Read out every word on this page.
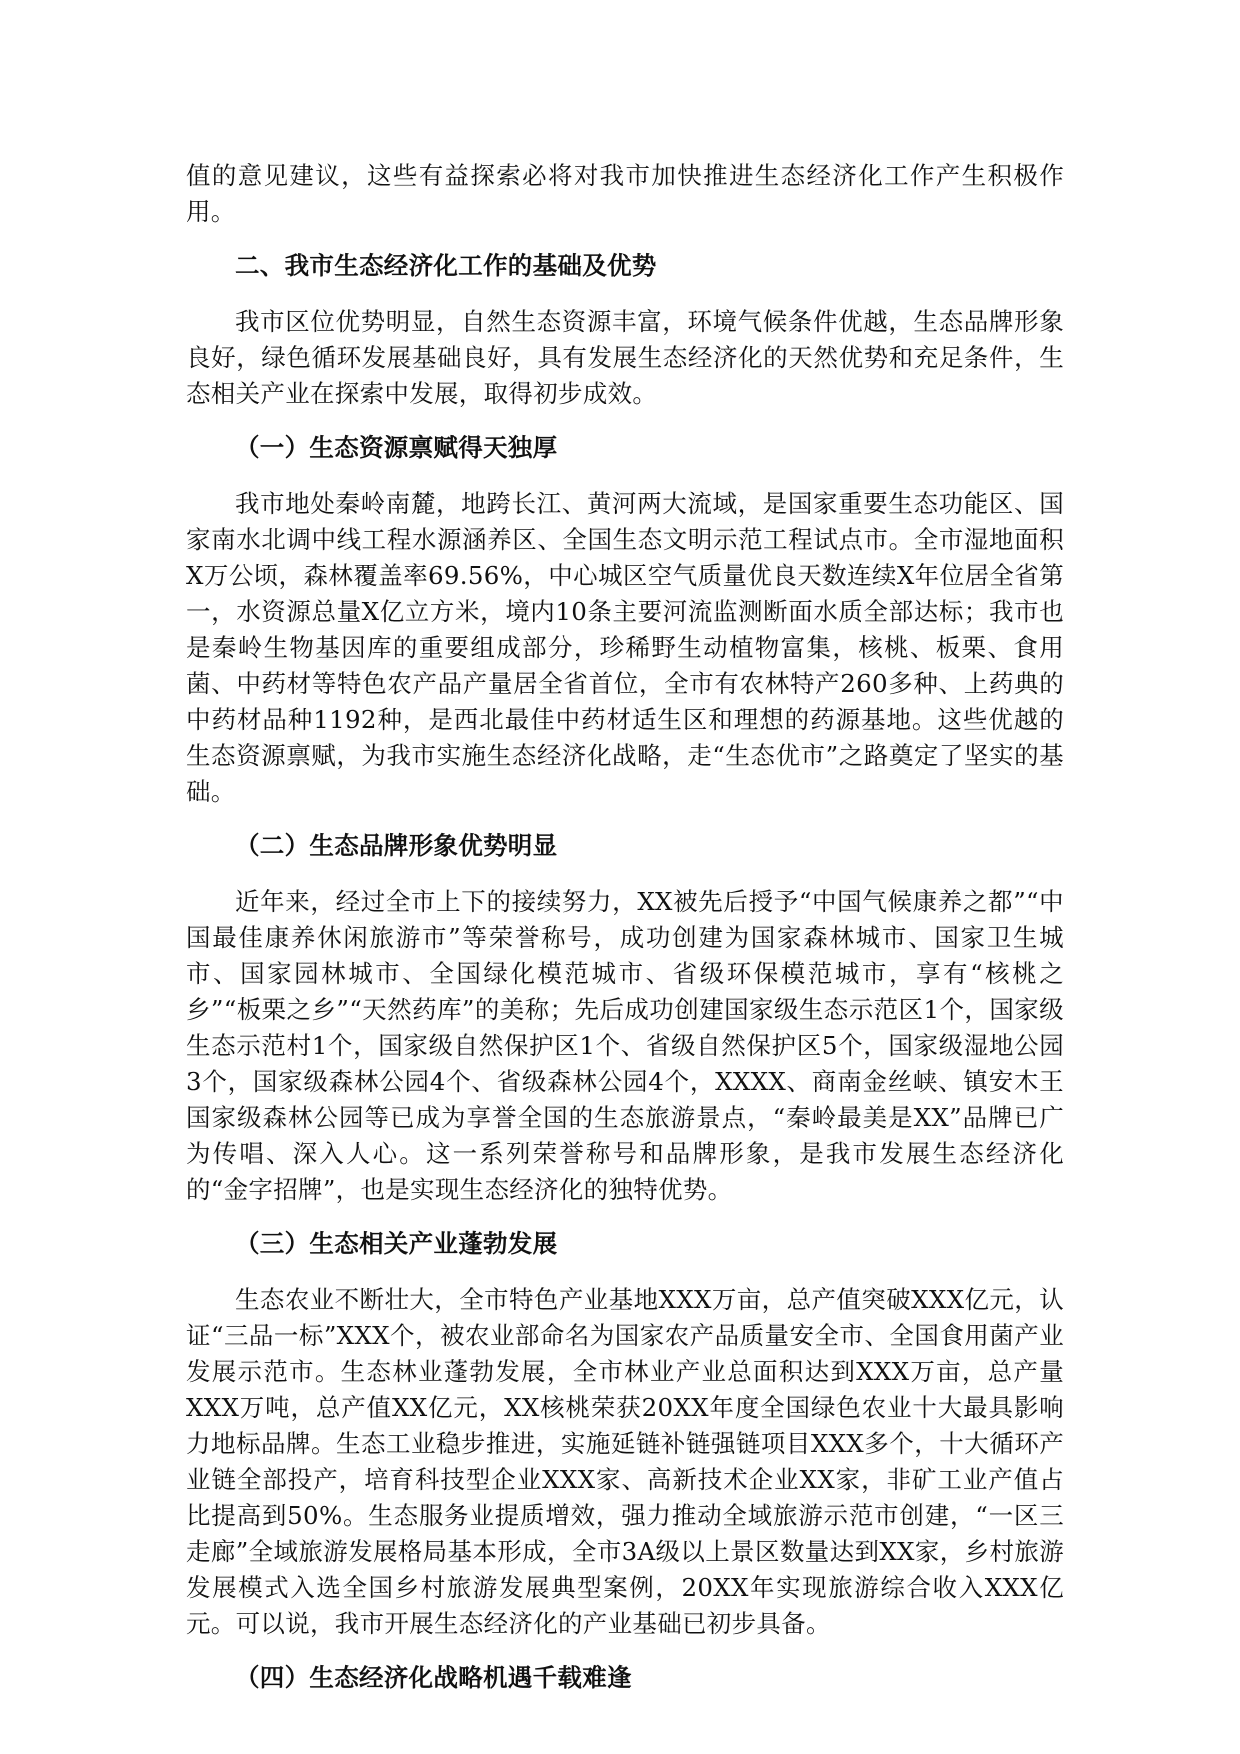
值的意见建议，这些有益探索必将对我市加快推进生态经济化工作产生积极作用。

二、我市生态经济化工作的基础及优势

我市区位优势明显，自然生态资源丰富，环境气候条件优越，生态品牌形象良好，绿色循环发展基础良好，具有发展生态经济化的天然优势和充足条件，生态相关产业在探索中发展，取得初步成效。

（一）生态资源禀赋得天独厚

我市地处秦岭南麓，地跨长江、黄河两大流域，是国家重要生态功能区、国家南水北调中线工程水源涵养区、全国生态文明示范工程试点市。全市湿地面积X万公顷，森林覆盖率69.56%，中心城区空气质量优良天数连续X年位居全省第一，水资源总量X亿立方米，境内10条主要河流监测断面水质全部达标；我市也是秦岭生物基因库的重要组成部分，珍稀野生动植物富集，核桃、板栗、食用菌、中药材等特色农产品产量居全省首位，全市有农林特产260多种、上药典的中药材品种1192种，是西北最佳中药材适生区和理想的药源基地。这些优越的生态资源禀赋，为我市实施生态经济化战略，走“生态优市”之路奠定了坚实的基础。

（二）生态品牌形象优势明显

近年来，经过全市上下的接续努力，XX被先后授予“中国气候康养之都”“中国最佳康养休闲旅游市”等荣誉称号，成功创建为国家森林城市、国家卫生城市、国家园林城市、全国绿化模范城市、省级环保模范城市，享有“核桃之乡”“板栗之乡”“天然药库”的美称；先后成功创建国家级生态示范区1个，国家级生态示范村1个，国家级自然保护区1个、省级自然保护区5个，国家级湿地公园3个，国家级森林公园4个、省级森林公园4个，XXXX、商南金丝峡、镇安木王国家级森林公园等已成为享誉全国的生态旅游景点，“秦岭最美是XX”品牌已广为传唱、深入人心。这一系列荣誉称号和品牌形象，是我市发展生态经济化的“金字招牌”，也是实现生态经济化的独特优势。

（三）生态相关产业蓬勃发展

生态农业不断壮大，全市特色产业基地XXX万亩，总产值突破XXX亿元，认证“三品一标”XXX个，被农业部命名为国家农产品质量安全市、全国食用菌产业发展示范市。生态林业蓬勃发展，全市林业产业总面积达到XXX万亩，总产量XXX万吨，总产值XX亿元，XX核桃荣获20XX年度全国绿色农业十大最具影响力地标品牌。生态工业稳步推进，实施延链补链强链项目XXX多个，十大循环产业链全部投产，培育科技型企业XXX家、高新技术企业XX家，非矿工业产值占比提高到50%。生态服务业提质增效，强力推动全域旅游示范市创建，“一区三走廊”全域旅游发展格局基本形成，全市3A级以上景区数量达到XX家，乡村旅游发展模式入选全国乡村旅游发展典型案例，20XX年实现旅游综合收入XXX亿元。可以说，我市开展生态经济化的产业基础已初步具备。

（四）生态经济化战略机遇千载难逢
